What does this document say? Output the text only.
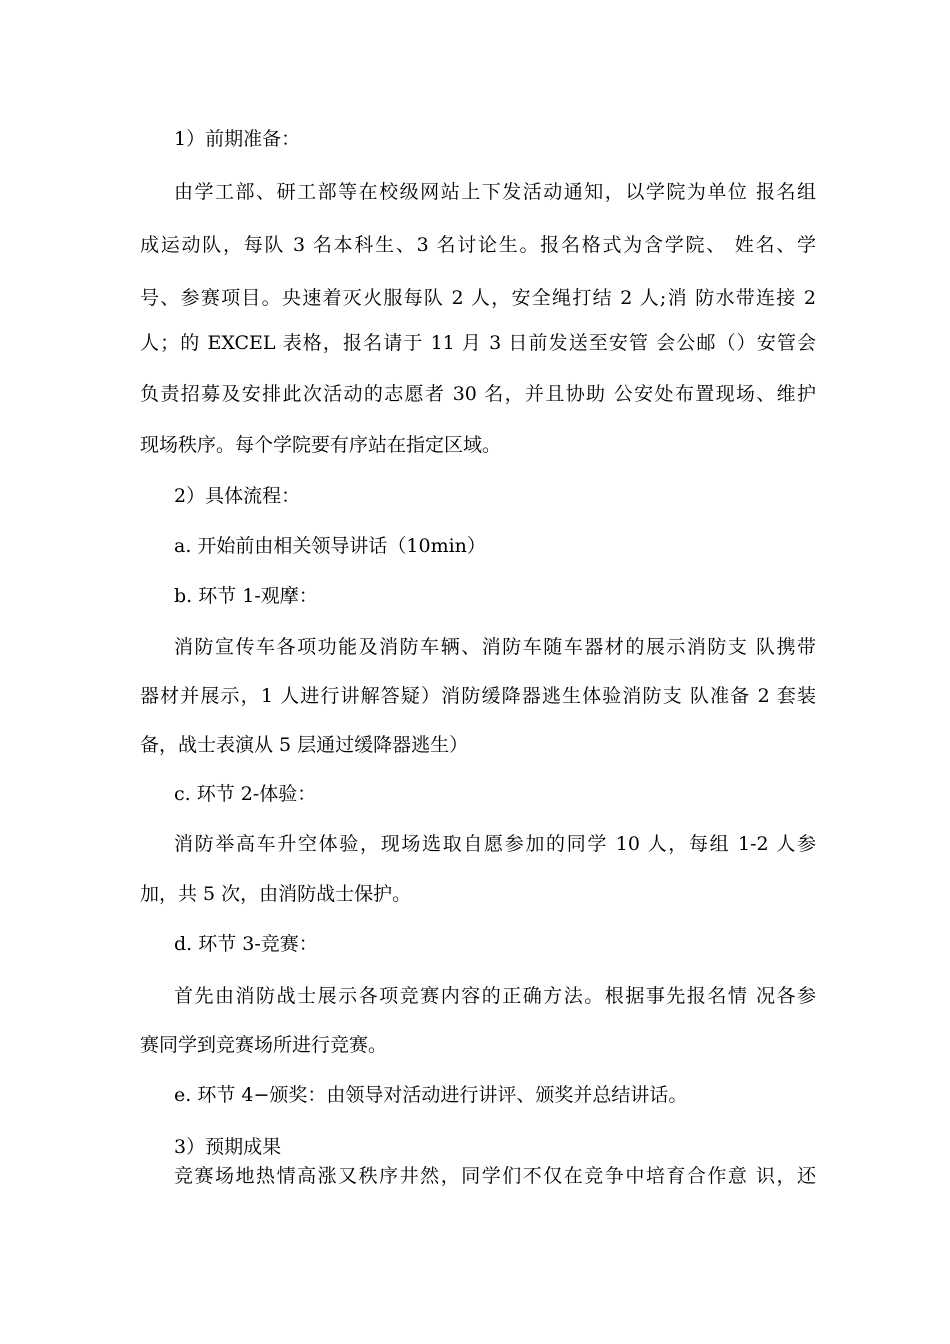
1）前期准备：
由学工部、研工部等在校级网站上下发活动通知，以学院为单位 报名组
成运动队，每队 3 名本科生、3 名讨论生。报名格式为含学院、 姓名、学
号、参赛项目。央速着灭火服每队 2 人，安全绳打结 2 人;消 防水带连接 2
人；的 EXCEL 表格，报名请于 11 月 3 日前发送至安管 会公邮（）安管会
负责招募及安排此次活动的志愿者 30 名，并且协助 公安处布置现场、维护
现场秩序。每个学院要有序站在指定区域。
2）具体流程：
a. 开始前由相关领导讲话（10min）
b. 环节 1-观摩：
消防宣传车各项功能及消防车辆、消防车随车器材的展示消防支 队携带
器材并展示，1 人进行讲解答疑）消防缓降器逃生体验消防支 队准备 2 套装
备，战士表演从 5 层通过缓降器逃生）
c. 环节 2-体验：
消防举高车升空体验，现场选取自愿参加的同学 10 人，每组 1-2 人参
加，共 5 次，由消防战士保护。
d. 环节 3-竞赛：
首先由消防战士展示各项竞赛内容的正确方法。根据事先报名情 况各参
赛同学到竞赛场所进行竞赛。
e. 环节 4−颁奖：由领导对活动进行讲评、颁奖并总结讲话。
3）预期成果
竞赛场地热情高涨又秩序井然，同学们不仅在竞争中培育合作意 识，还
